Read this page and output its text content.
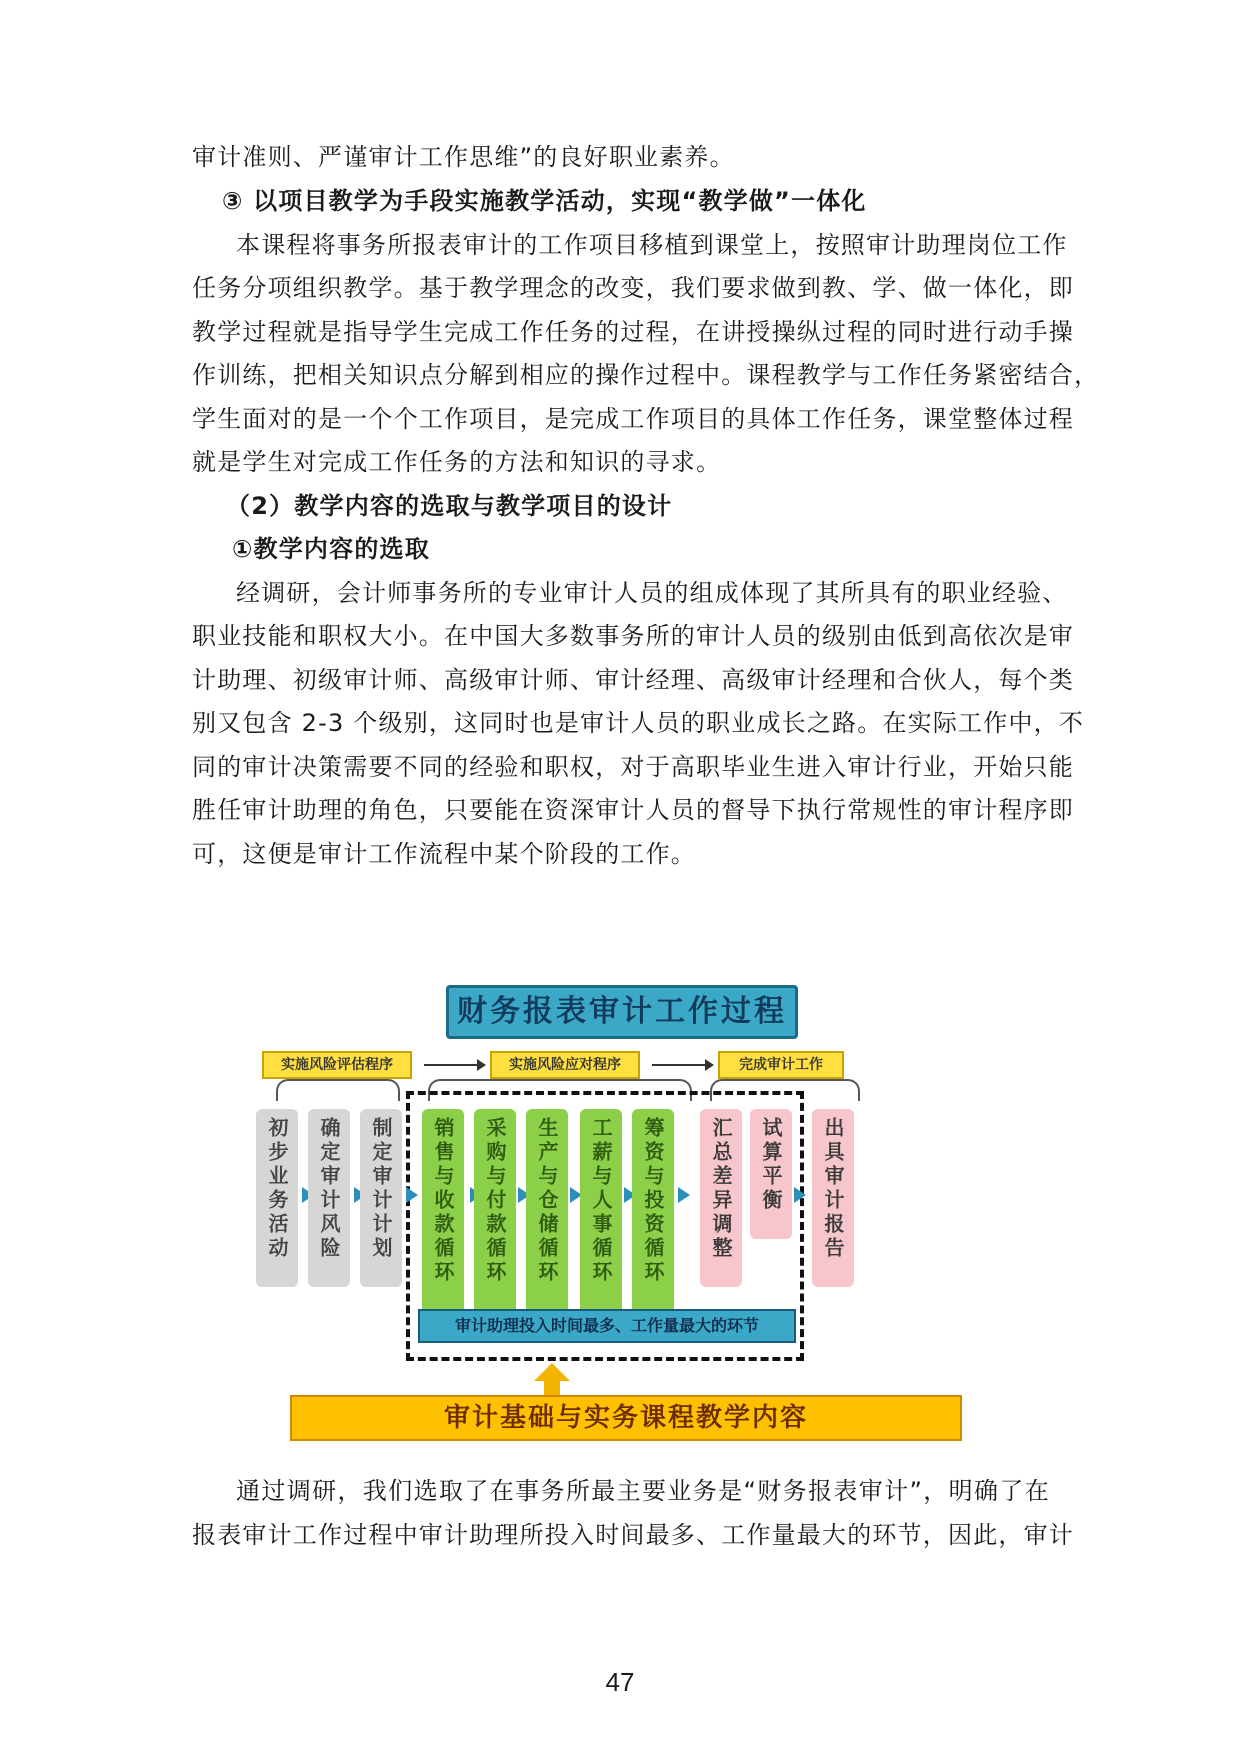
审计准则、严谨审计工作思维”的良好职业素养。
③ 以项目教学为手段实施教学活动，实现“教学做”一体化
本课程将事务所报表审计的工作项目移植到课堂上，按照审计助理岗位工作
任务分项组织教学。基于教学理念的改变，我们要求做到教、学、做一体化，即
教学过程就是指导学生完成工作任务的过程，在讲授操纵过程的同时进行动手操
作训练，把相关知识点分解到相应的操作过程中。课程教学与工作任务紧密结合，
学生面对的是一个个工作项目，是完成工作项目的具体工作任务，课堂整体过程
就是学生对完成工作任务的方法和知识的寻求。
（2）教学内容的选取与教学项目的设计
①教学内容的选取
经调研，会计师事务所的专业审计人员的组成体现了其所具有的职业经验、
职业技能和职权大小。在中国大多数事务所的审计人员的级别由低到高依次是审
计助理、初级审计师、高级审计师、审计经理、高级审计经理和合伙人，每个类
别又包含 2-3 个级别，这同时也是审计人员的职业成长之路。在实际工作中，不
同的审计决策需要不同的经验和职权，对于高职毕业生进入审计行业，开始只能
胜任审计助理的角色，只要能在资深审计人员的督导下执行常规性的审计程序即
可，这便是审计工作流程中某个阶段的工作。
财务报表审计工作过程
实施风险评估程序	实施风险应对程序	完成审计工作
初步业务活动	确定审计风险	制定审计计划	销售与收款循环	采购与付款循环	生产与仓储循环	工薪与人事循环	筹资与投资循环	汇总差异调整	试算平衡	出具审计报告
审计助理投入时间最多、工作量最大的环节
审计基础与实务课程教学内容
通过调研，我们选取了在事务所最主要业务是“财务报表审计”，明确了在
报表审计工作过程中审计助理所投入时间最多、工作量最大的环节，因此，审计
47
